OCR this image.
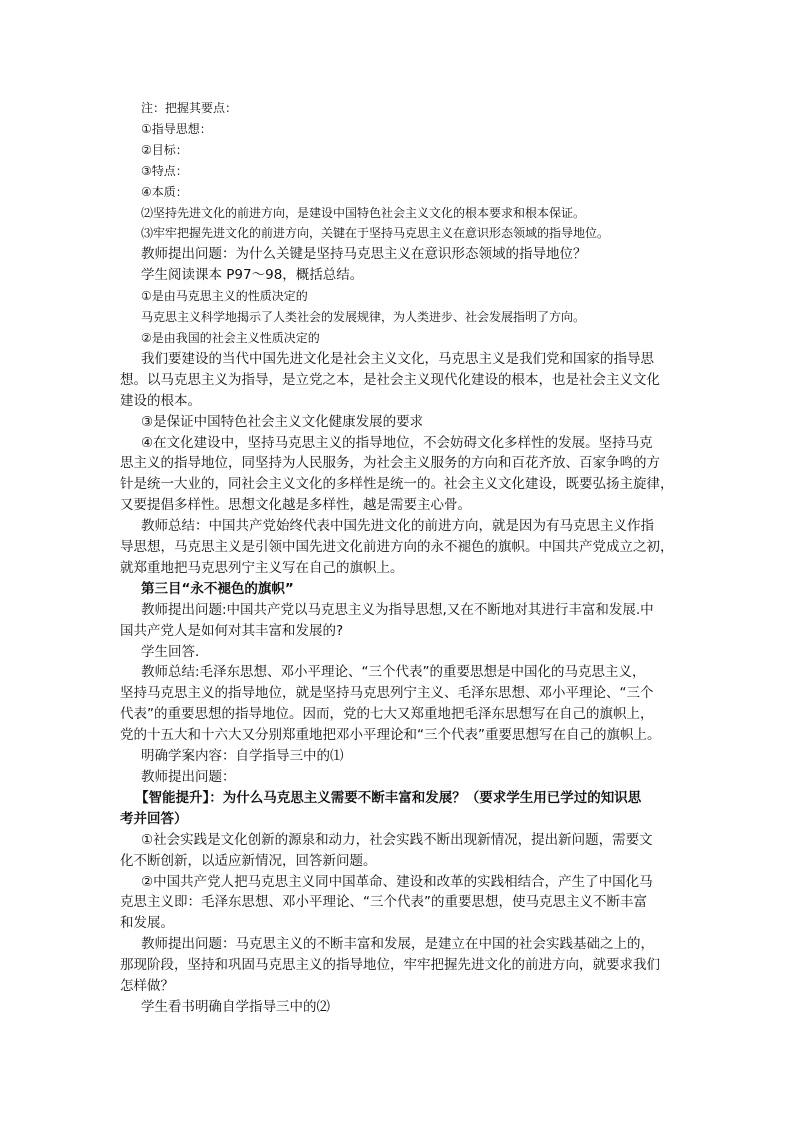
注：把握其要点：

①指导思想：

②目标：

③特点：

④本质：

⑵坚持先进文化的前进方向，是建设中国特色社会主义文化的根本要求和根本保证。

⑶牢牢把握先进文化的前进方向，关键在于坚持马克思主义在意识形态领域的指导地位。

教师提出问题：为什么关键是坚持马克思主义在意识形态领域的指导地位？

学生阅读课本 P97～98，概括总结。

①是由马克思主义的性质决定的

马克思主义科学地揭示了人类社会的发展规律，为人类进步、社会发展指明了方向。

②是由我国的社会主义性质决定的

我们要建设的当代中国先进文化是社会主义文化，马克思主义是我们党和国家的指导思
想。以马克思主义为指导，是立党之本，是社会主义现代化建设的根本，也是社会主义文化
建设的根本。
③是保证中国特色社会主义文化健康发展的要求
④在文化建设中，坚持马克思主义的指导地位，不会妨碍文化多样性的发展。坚持马克
思主义的指导地位，同坚持为人民服务，为社会主义服务的方向和百花齐放、百家争鸣的方
针是统一大业的，同社会主义文化的多样性是统一的。社会主义文化建设，既要弘扬主旋律，
又要提倡多样性。思想文化越是多样性，越是需要主心骨。
教师总结：中国共产党始终代表中国先进文化的前进方向，就是因为有马克思主义作指
导思想，马克思主义是引领中国先进文化前进方向的永不褪色的旗帜。中国共产党成立之初，
就郑重地把马克思列宁主义写在自己的旗帜上。

第三目“永不褪色的旗帜”

教师提出问题:中国共产党以马克思主义为指导思想,又在不断地对其进行丰富和发展.中
国共产党人是如何对其丰富和发展的?
学生回答.
教师总结:毛泽东思想、邓小平理论、“三个代表”的重要思想是中国化的马克思主义，
坚持马克思主义的指导地位，就是坚持马克思列宁主义、毛泽东思想、邓小平理论、“三个
代表”的重要思想的指导地位。因而，党的七大又郑重地把毛泽东思想写在自己的旗帜上，
党的十五大和十六大又分别郑重地把邓小平理论和“三个代表”重要思想写在自己的旗帜上。
明确学案内容：自学指导三中的⑴
教师提出问题：
【智能提升】：为什么马克思主义需要不断丰富和发展？（要求学生用已学过的知识思
考并回答）
①社会实践是文化创新的源泉和动力，社会实践不断出现新情况，提出新问题，需要文
化不断创新，以适应新情况，回答新问题。
②中国共产党人把马克思主义同中国革命、建设和改革的实践相结合，产生了中国化马
克思主义即：毛泽东思想、邓小平理论、“三个代表”的重要思想，使马克思主义不断丰富
和发展。
教师提出问题：马克思主义的不断丰富和发展，是建立在中国的社会实践基础之上的，
那现阶段，坚持和巩固马克思主义的指导地位，牢牢把握先进文化的前进方向，就要求我们
怎样做？
学生看书明确自学指导三中的⑵
